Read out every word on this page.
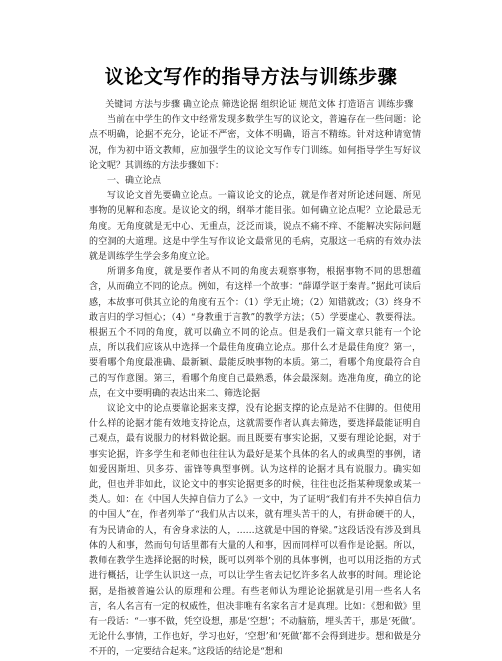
议论文写作的指导方法与训练步骤

关键词 方法与步骤 确立论点 筛选论据 组织论证 规范文体 打造语言 训练步骤

当前在中学生的作文中经常发现多数学生写的议论文，普遍存在一些问题：论点不明确，论据不充分，论证不严密，文体不明确，语言不精练。针对这种请宽情况，作为初中语文教师，应加强学生的议论文写作专门训练。如何指导学生写好议论文呢？其训练的方法步骤如下：

一、确立论点

写议论文首先要确立论点。一篇议论文的论点，就是作者对所论述问题、所见事物的见解和态度。是议论文的纲，纲举才能目张。如何确立论点呢？立论最忌无角度。无角度就是无中心、无重点，泛泛而谈，说点不痛不痒、不能解决实际问题的空洞的大道理。这是中学生写作议论文最常见的毛病，克服这一毛病的有效办法就是训练学生学会多角度立论。

所谓多角度，就是要作者从不同的角度去观察事物，根据事物不同的思想蕴含，从而确立不同的论点。例如，有这样一个故事：“薛谭学讴于秦青。”据此可读后感，本故事可供其立论的角度有五个：（1）学无止境；（2）知错就改；（3）终身不敢言归的学习恒心；（4）“身教重于言教”的教学方法；（5）学要虚心、教要得法。根据五个不同的角度，就可以确立不同的论点。但是我们一篇文章只能有一个论点，所以我们应该从中选择一个最佳角度确立论点。那什么才是最佳角度？第一，要看哪个角度最准确、最新颖、最能反映事物的本质。第二，看哪个角度最符合自己的写作意图。第三，看哪个角度自己最熟悉，体会最深刻。选准角度，确立的论点，在文中要明确的表达出来二、筛选论据

议论文中的论点要靠论据来支撑，没有论据支撑的论点是站不住脚的。但使用什么样的论据才能有效地支持论点，这就需要作者认真去筛选，要选择最能证明自己观点，最有说服力的材料做论据。而且既要有事实论据，又要有理论论据，对于事实论据，许多学生和老师也往往认为最好是某个具体的名人的或典型的事例，诸如爱因斯坦、贝多芬、雷锋等典型事例。认为这样的论据才具有说服力。确实如此，但也并非如此，议论文中的事实论据更多的时候，往往也泛指某种现象或某一类人。如：在《中国人失掉自信力了么》一文中，为了证明“我们有并不失掉自信力的中国人”在，作者列举了“我们从古以来，就有埋头苦干的人，有拼命硬干的人，有为民请命的人，有舍身求法的人，……这就是中国的脊梁。”这段话没有涉及到具体的人和事，然而句句话里都有大量的人和事，因而同样可以看作是论据。所以，教师在教学生选择论据的时候，既可以列举个别的具体事例，也可以用泛指的方式进行概括，让学生认识这一点，可以让学生省去记忆许多名人故事的时间。理论论据，是指被普遍公认的原理和公理。有些老师认为理论论据就是引用一些名人名言，名人名言有一定的权威性，但决非唯有名家名言才是真理。比如：《想和做》里有一段话：“一事不做，凭空设想，那是‘空想’；不动脑筋，埋头苦干，那是‘死做’。无论什么事情，工作也好，学习也好，‘空想’和‘死做’都不会得到进步。想和做是分不开的，一定要结合起来。”这段话的结论是“想和
